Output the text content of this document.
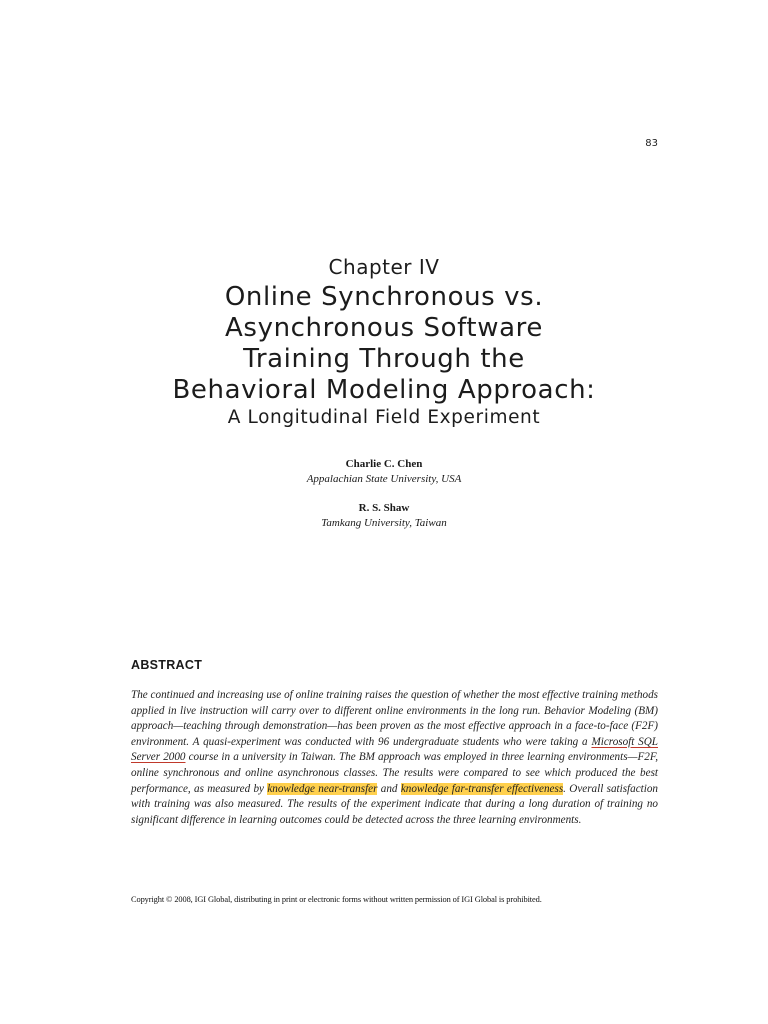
83
Chapter IV
Online Synchronous vs.
Asynchronous Software
Training Through the
Behavioral Modeling Approach:
A Longitudinal Field Experiment
Charlie C. Chen
Appalachian State University, USA
R. S. Shaw
Tamkang University, Taiwan
ABSTRACT
The continued and increasing use of online training raises the question of whether the most effective training methods applied in live instruction will carry over to different online environments in the long run. Behavior Modeling (BM) approach—teaching through demonstration—has been proven as the most effective approach in a face-to-face (F2F) environment. A quasi-experiment was conducted with 96 undergraduate students who were taking a Microsoft SQL Server 2000 course in a university in Taiwan. The BM approach was employed in three learning environments—F2F, online synchronous and online asynchronous classes. The results were compared to see which produced the best performance, as measured by knowledge near-transfer and knowledge far-transfer effectiveness. Overall satisfaction with training was also measured. The results of the experiment indicate that during a long duration of training no significant difference in learning outcomes could be detected across the three learning environments.
Copyright © 2008, IGI Global, distributing in print or electronic forms without written permission of IGI Global is prohibited.
